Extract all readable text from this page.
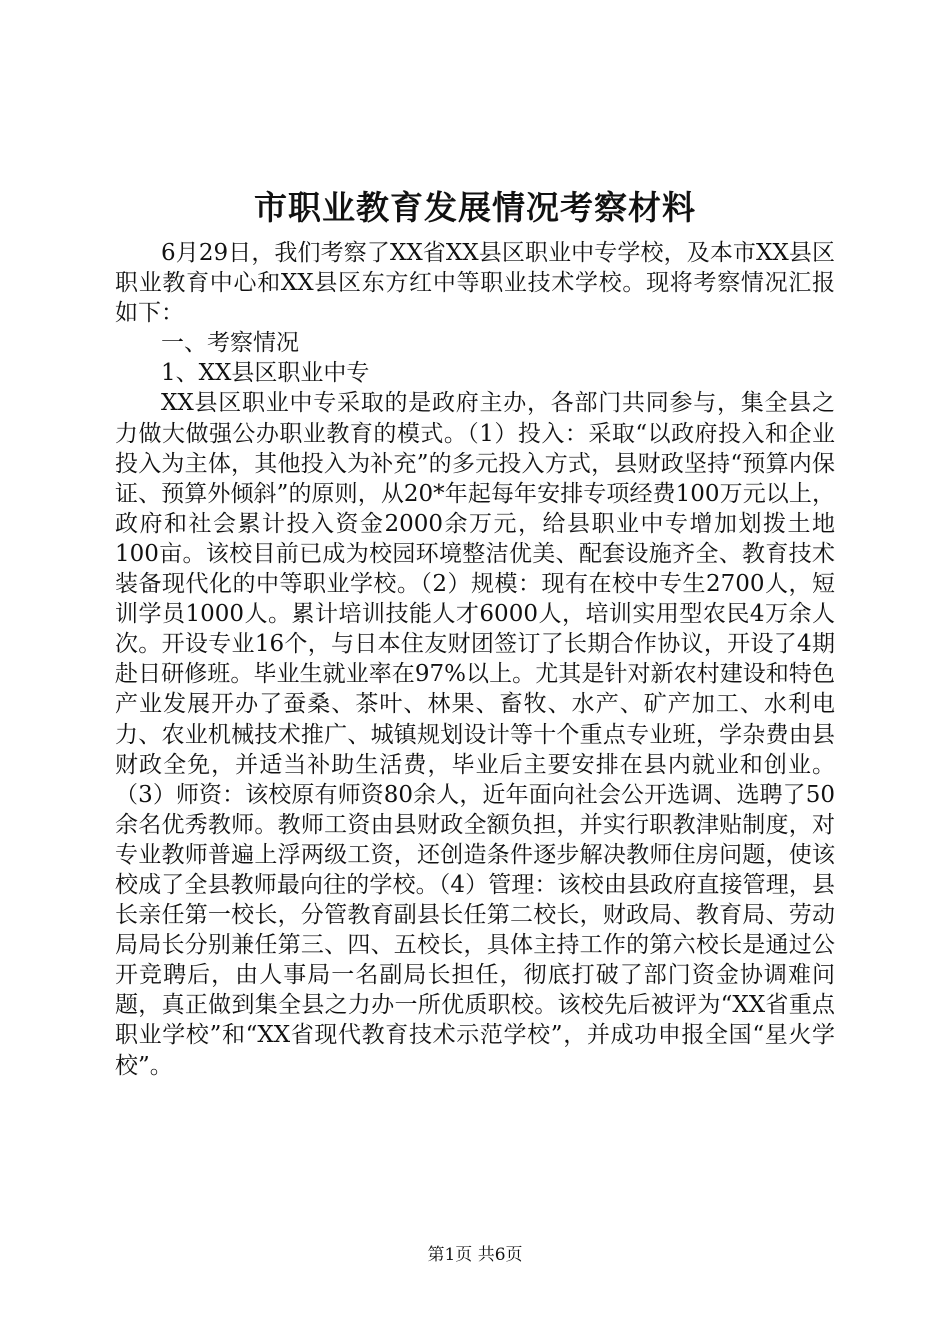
市职业教育发展情况考察材料

6月29日，我们考察了XX省XX县区职业中专学校，及本市XX县区职业教育中心和XX县区东方红中等职业技术学校。现将考察情况汇报如下：

一、考察情况

1、XX县区职业中专

XX县区职业中专采取的是政府主办，各部门共同参与，集全县之力做大做强公办职业教育的模式。（1）投入：采取“以政府投入和企业投入为主体，其他投入为补充”的多元投入方式，县财政坚持“预算内保证、预算外倾斜”的原则，从20*年起每年安排专项经费100万元以上，政府和社会累计投入资金2000余万元，给县职业中专增加划拨土地100亩。该校目前已成为校园环境整洁优美、配套设施齐全、教育技术装备现代化的中等职业学校。（2）规模：现有在校中专生2700人，短训学员1000人。累计培训技能人才6000人，培训实用型农民4万余人次。开设专业16个，与日本住友财团签订了长期合作协议，开设了4期赴日研修班。毕业生就业率在97%以上。尤其是针对新农村建设和特色产业发展开办了蚕桑、茶叶、林果、畜牧、水产、矿产加工、水利电力、农业机械技术推广、城镇规划设计等十个重点专业班，学杂费由县财政全免，并适当补助生活费，毕业后主要安排在县内就业和创业。（3）师资：该校原有师资80余人，近年面向社会公开选调、选聘了50余名优秀教师。教师工资由县财政全额负担，并实行职教津贴制度，对专业教师普遍上浮两级工资，还创造条件逐步解决教师住房问题，使该校成了全县教师最向往的学校。（4）管理：该校由县政府直接管理，县长亲任第一校长，分管教育副县长任第二校长，财政局、教育局、劳动局局长分别兼任第三、四、五校长，具体主持工作的第六校长是通过公开竞聘后，由人事局一名副局长担任，彻底打破了部门资金协调难问题，真正做到集全县之力办一所优质职校。该校先后被评为“XX省重点职业学校”和“XX省现代教育技术示范学校”，并成功申报全国“星火学校”。

第1页 共6页
